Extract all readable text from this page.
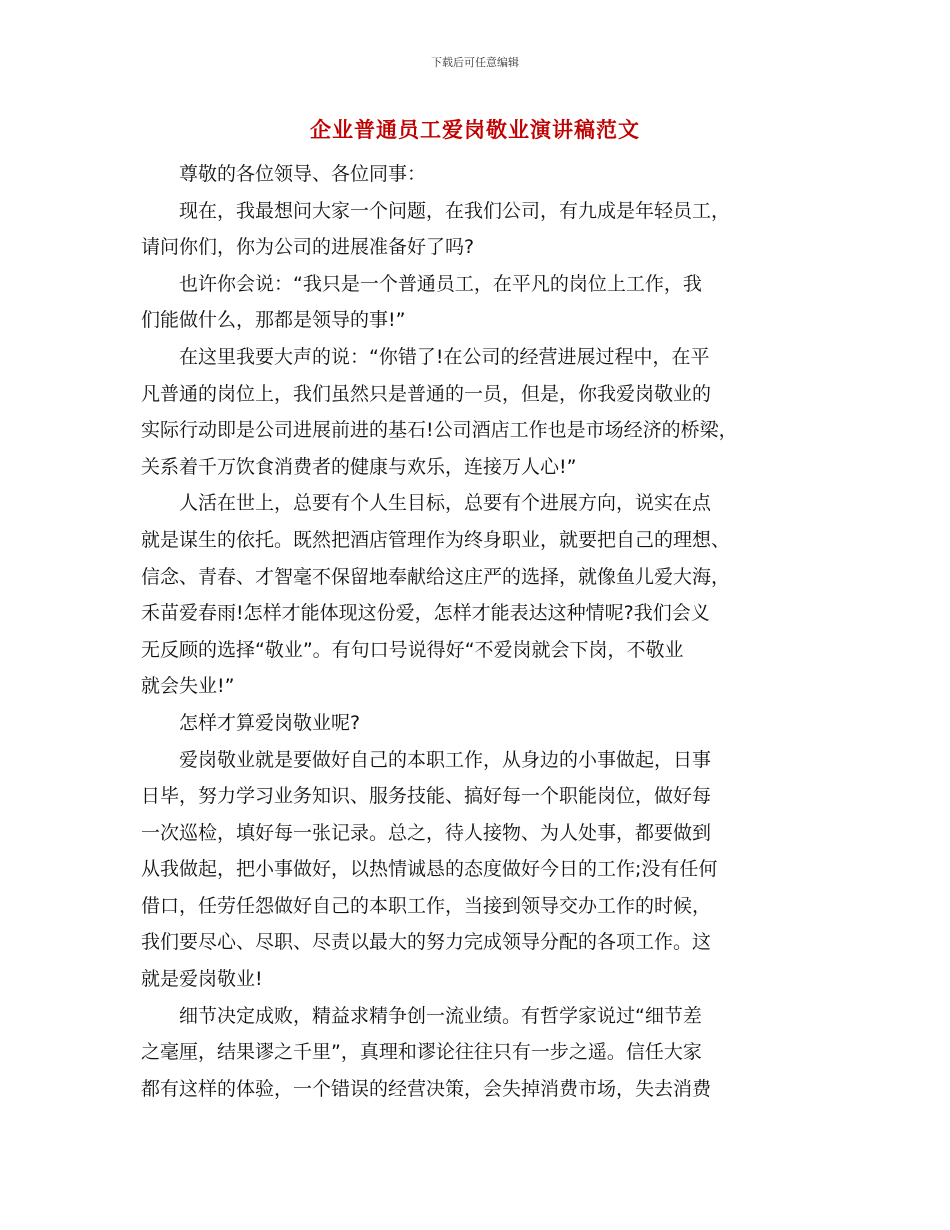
下载后可任意编辑
企业普通员工爱岗敬业演讲稿范文
　　尊敬的各位领导、各位同事：
　　现在，我最想问大家一个问题，在我们公司，有九成是年轻员工，
请问你们，你为公司的进展准备好了吗?
　　也许你会说：“我只是一个普通员工，在平凡的岗位上工作，我
们能做什么，那都是领导的事!”
　　在这里我要大声的说：“你错了!在公司的经营进展过程中，在平
凡普通的岗位上，我们虽然只是普通的一员，但是，你我爱岗敬业的
实际行动即是公司进展前进的基石!公司酒店工作也是市场经济的桥梁，
关系着千万饮食消费者的健康与欢乐，连接万人心!”
　　人活在世上，总要有个人生目标，总要有个进展方向，说实在点
就是谋生的依托。既然把酒店管理作为终身职业，就要把自己的理想、
信念、青春、才智毫不保留地奉献给这庄严的选择，就像鱼儿爱大海，
禾苗爱春雨!怎样才能体现这份爱，怎样才能表达这种情呢?我们会义
无反顾的选择“敬业”。有句口号说得好“不爱岗就会下岗，不敬业
就会失业!”
　　怎样才算爱岗敬业呢?
　　爱岗敬业就是要做好自己的本职工作，从身边的小事做起，日事
日毕，努力学习业务知识、服务技能、搞好每一个职能岗位，做好每
一次巡检，填好每一张记录。总之，待人接物、为人处事，都要做到
从我做起，把小事做好，以热情诚恳的态度做好今日的工作;没有任何
借口，任劳任怨做好自己的本职工作，当接到领导交办工作的时候，
我们要尽心、尽职、尽责以最大的努力完成领导分配的各项工作。这
就是爱岗敬业!
　　细节决定成败，精益求精争创一流业绩。有哲学家说过“细节差
之毫厘，结果谬之千里”，真理和谬论往往只有一步之遥。信任大家
都有这样的体验，一个错误的经营决策，会失掉消费市场，失去消费
